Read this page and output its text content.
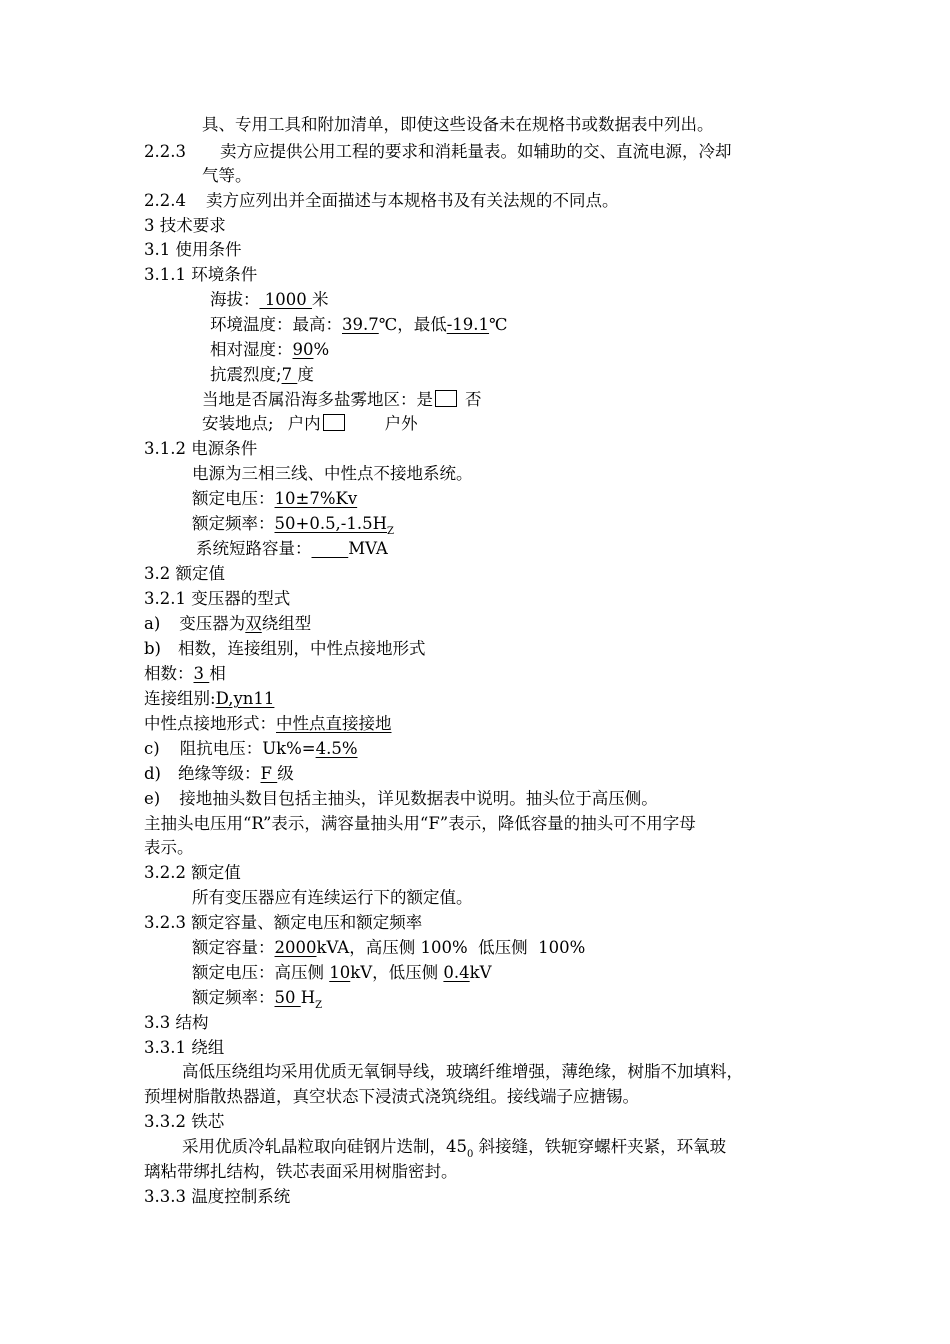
具、专用工具和附加清单，即使这些设备未在规格书或数据表中列出。
2.2.3 卖方应提供公用工程的要求和消耗量表。如辅助的交、直流电源，冷却
气等。
2.2.4 卖方应列出并全面描述与本规格书及有关法规的不同点。
3 技术要求
3.1 使用条件
3.1.1 环境条件
海拔： 1000 米
环境温度：最高：39.7℃，最低-19.1℃
相对湿度：90%
抗震烈度;7 度
当地是否属沿海多盐雾地区：是 否
安装地点; 户内	户外
3.1.2 电源条件
电源为三相三线、中性点不接地系统。
额定电压：10±7%Kv
额定频率：$50+0.5,-1.5H_Z$
系统短路容量： MVA
3.2 额定值
3.2.1 变压器的型式
a) 变压器为双绕组型
b) 相数，连接组别，中性点接地形式
相数：3 相
连接组别:D,yn11
中性点接地形式：中性点直接接地
c) 阻抗电压：Uk%=4.5%
d) 绝缘等级：F 级
e) 接地抽头数目包括主抽头，详见数据表中说明。抽头位于高压侧。
主抽头电压用“R”表示，满容量抽头用“F”表示，降低容量的抽头可不用字母
表示。
3.2.2 额定值
所有变压器应有连续运行下的额定值。
3.2.3 额定容量、额定电压和额定频率
额定容量：2000kVA，高压侧 100%  低压侧  100%
额定电压：高压侧 10kV，低压侧 0.4kV
额定频率：50 $H_Z$
3.3 结构
3.3.1 绕组
高低压绕组均采用优质无氧铜导线，玻璃纤维增强，薄绝缘，树脂不加填料，
预埋树脂散热器道，真空状态下浸渍式浇筑绕组。接线端子应搪锡。
3.3.2 铁芯
采用优质冷轧晶粒取向硅钢片迭制，$45_0$ 斜接缝，铁轭穿螺杆夹紧，环氧玻
璃粘带绑扎结构，铁芯表面采用树脂密封。
3.3.3 温度控制系统
